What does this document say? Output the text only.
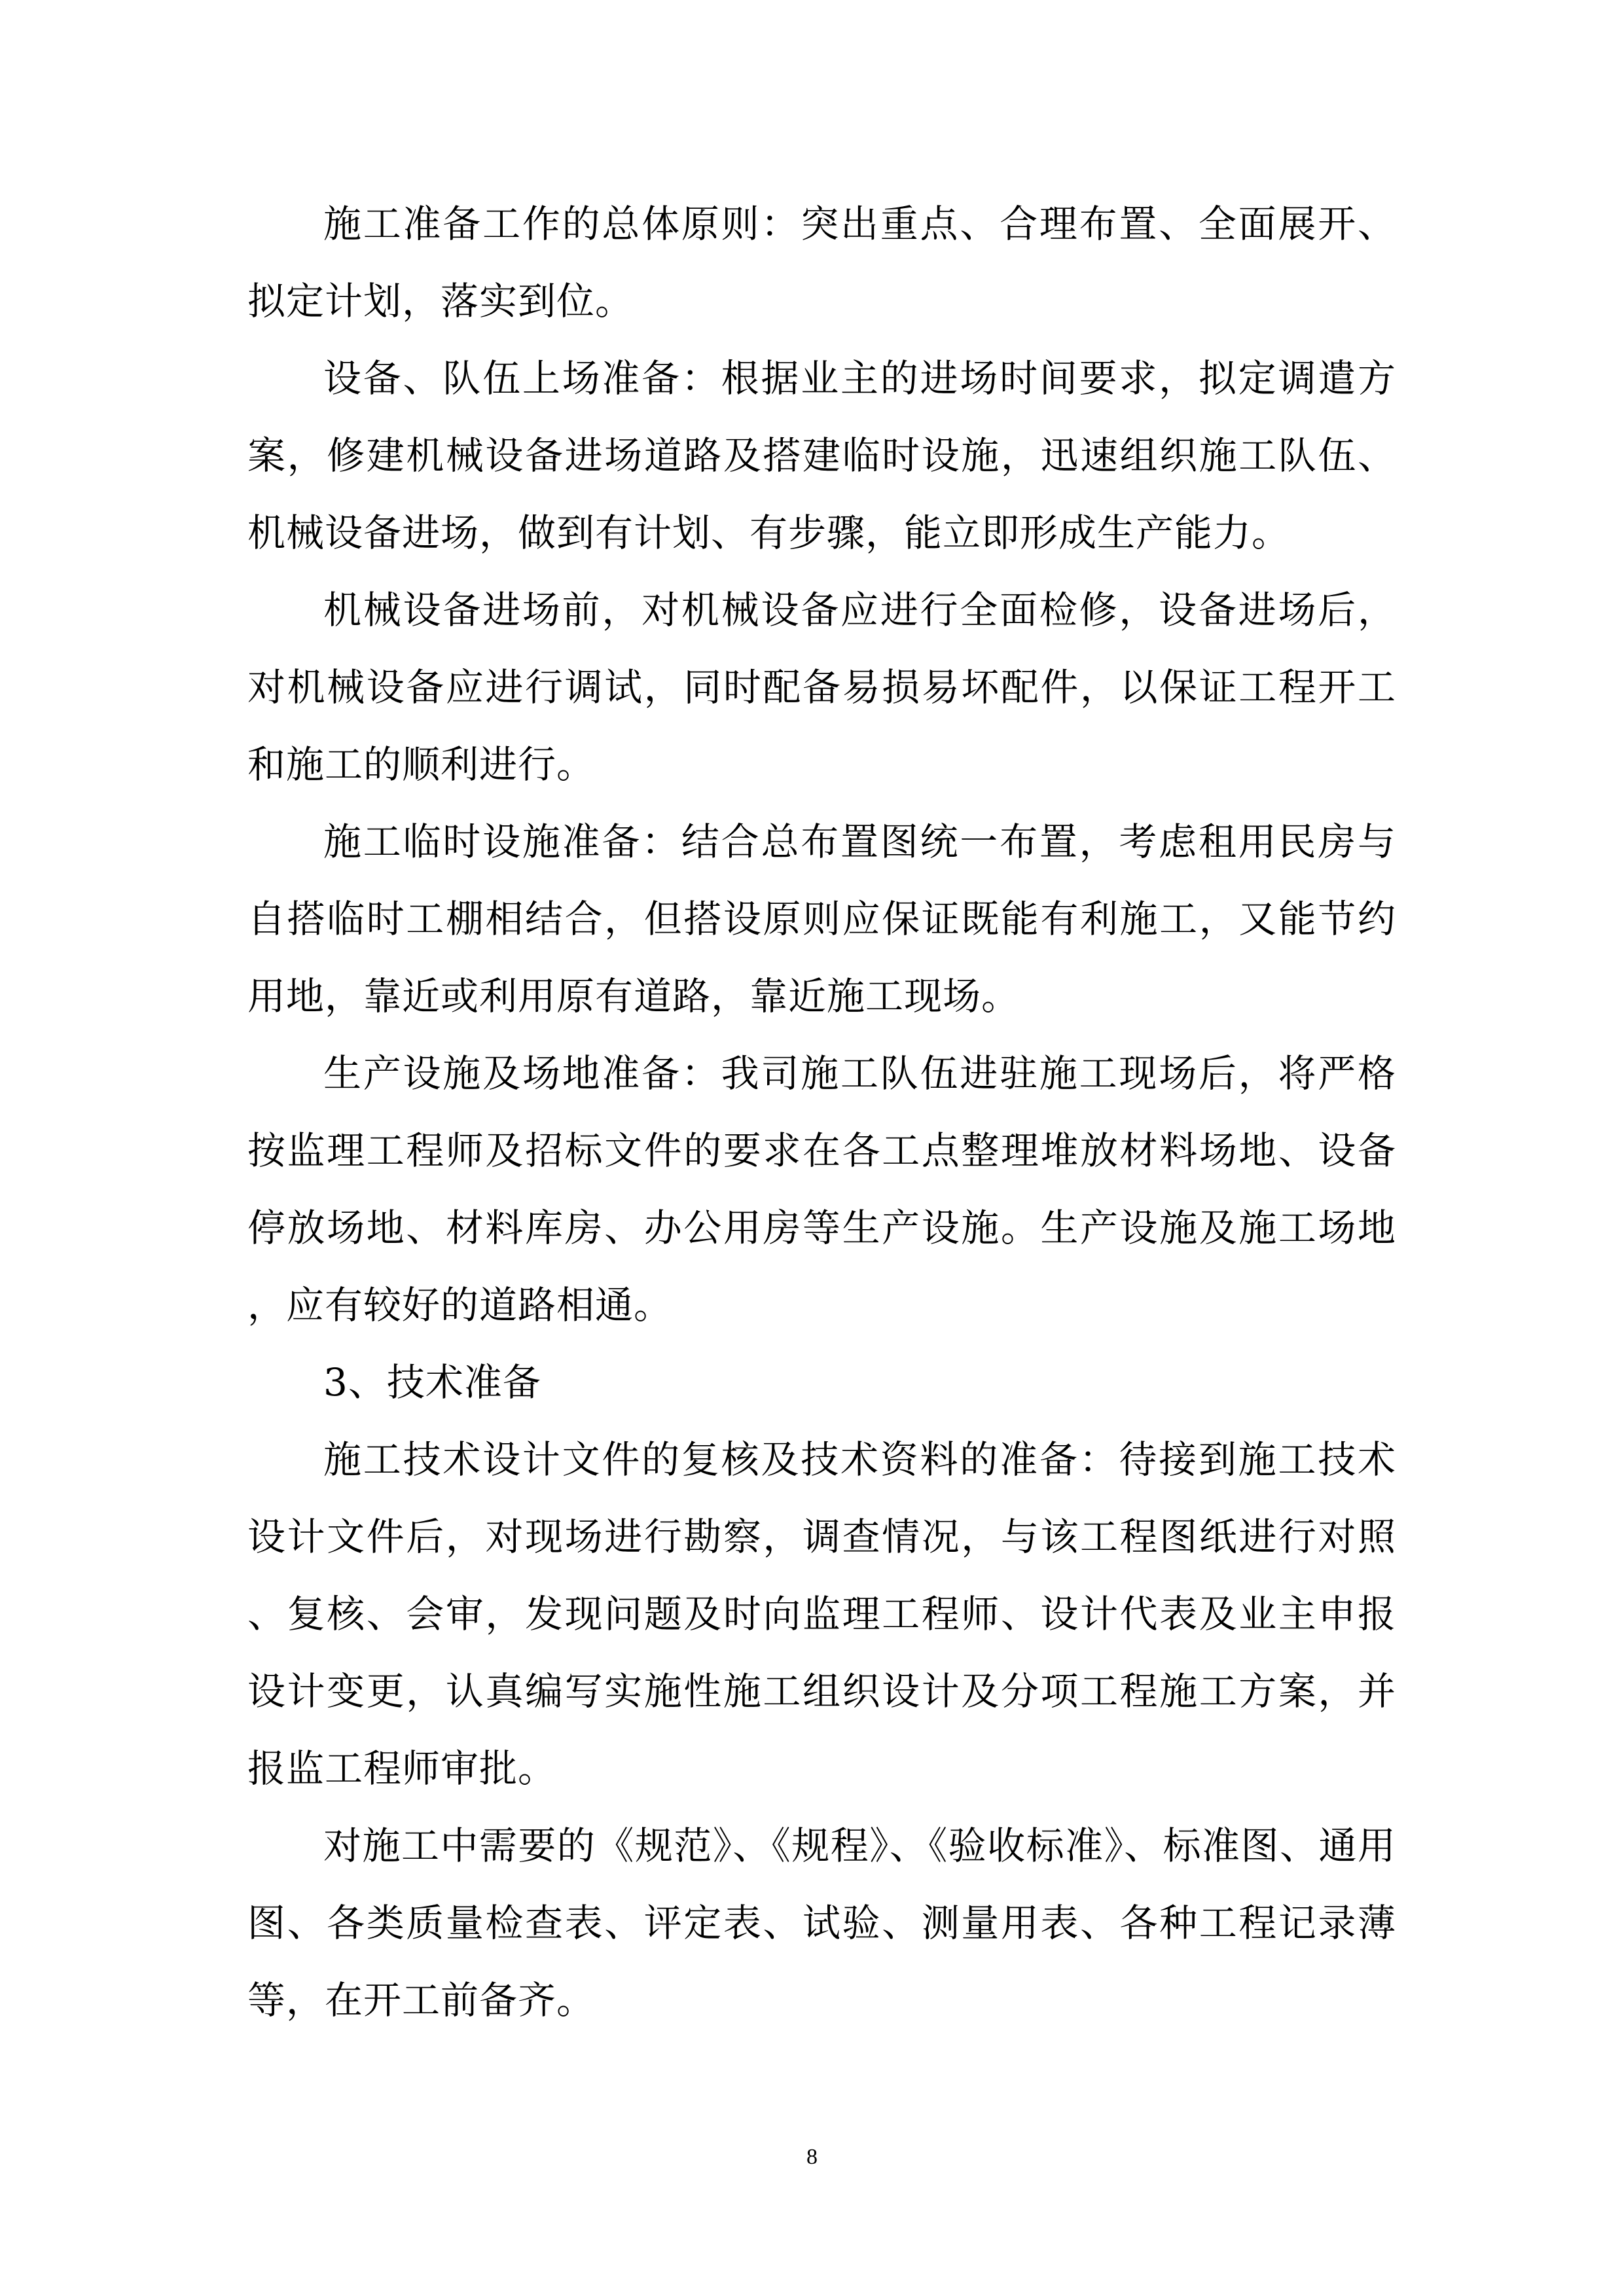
施工准备工作的总体原则：突出重点、合理布置、全面展开、拟定计划，落实到位。

设备、队伍上场准备：根据业主的进场时间要求，拟定调遣方案，修建机械设备进场道路及搭建临时设施，迅速组织施工队伍、机械设备进场，做到有计划、有步骤，能立即形成生产能力。

机械设备进场前，对机械设备应进行全面检修，设备进场后，对机械设备应进行调试，同时配备易损易坏配件，以保证工程开工和施工的顺利进行。

施工临时设施准备：结合总布置图统一布置，考虑租用民房与自搭临时工棚相结合，但搭设原则应保证既能有利施工，又能节约用地，靠近或利用原有道路，靠近施工现场。

生产设施及场地准备：我司施工队伍进驻施工现场后，将严格按监理工程师及招标文件的要求在各工点整理堆放材料场地、设备停放场地、材料库房、办公用房等生产设施。生产设施及施工场地，应有较好的道路相通。

3、技术准备

施工技术设计文件的复核及技术资料的准备：待接到施工技术设计文件后，对现场进行勘察，调查情况，与该工程图纸进行对照、复核、会审，发现问题及时向监理工程师、设计代表及业主申报设计变更，认真编写实施性施工组织设计及分项工程施工方案，并报监工程师审批。

对施工中需要的《规范》、《规程》、《验收标准》、标准图、通用图、各类质量检查表、评定表、试验、测量用表、各种工程记录薄等，在开工前备齐。

8
